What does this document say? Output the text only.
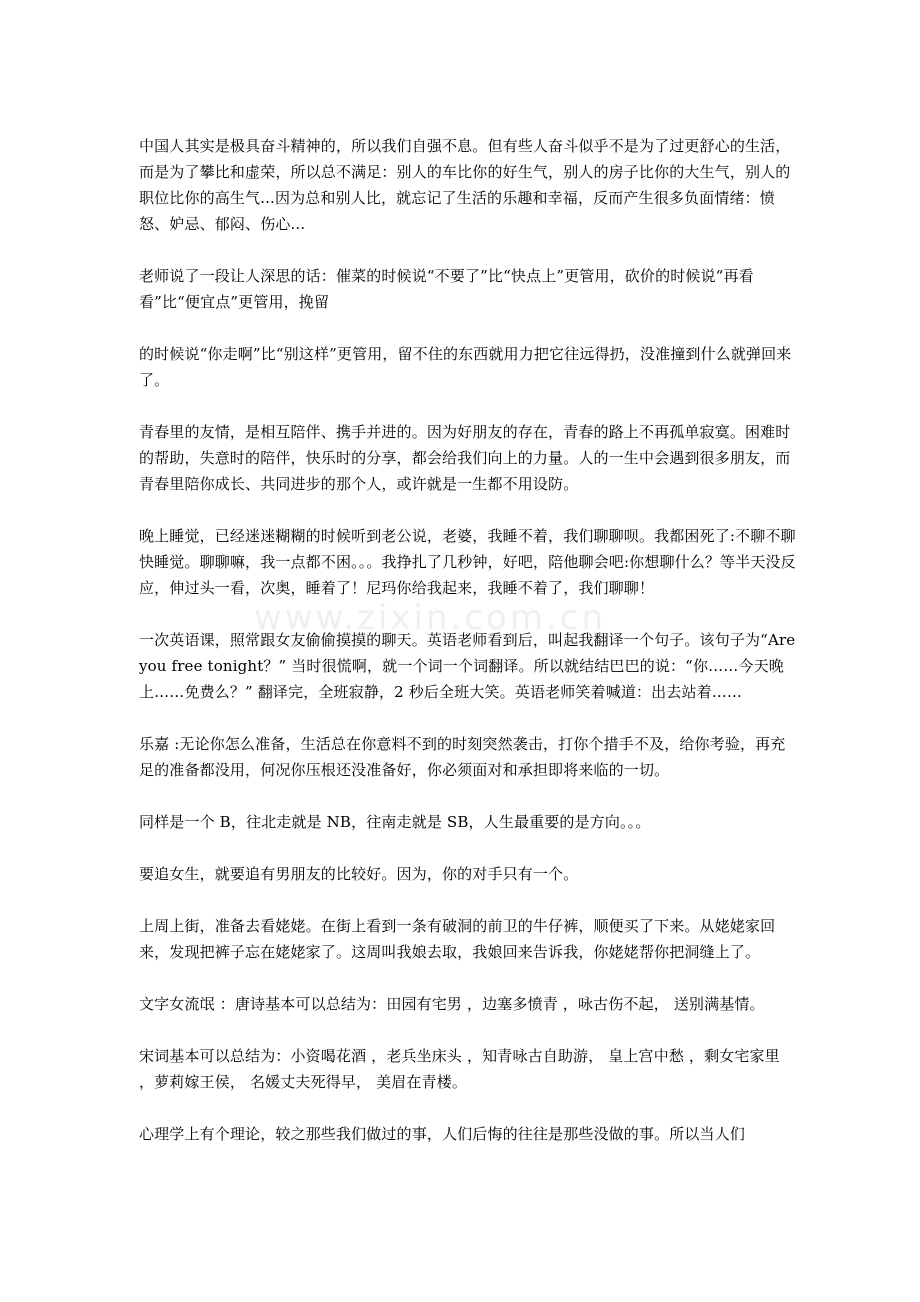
www.zixin.com.cn

中国人其实是极具奋斗精神的，所以我们自强不息。但有些人奋斗似乎不是为了过更舒心的生活，而是为了攀比和虚荣，所以总不满足：别人的车比你的好生气，别人的房子比你的大生气，别人的职位比你的高生气...因为总和别人比，就忘记了生活的乐趣和幸福，反而产生很多负面情绪：愤怒、妒忌、郁闷、伤心...

老师说了一段让人深思的话：催菜的时候说“不要了”比“快点上”更管用，砍价的时候说“再看看”比“便宜点”更管用，挽留

的时候说“你走啊”比“别这样”更管用，留不住的东西就用力把它往远得扔，没准撞到什么就弹回来了。

青春里的友情，是相互陪伴、携手并进的。因为好朋友的存在，青春的路上不再孤单寂寞。困难时的帮助，失意时的陪伴，快乐时的分享，都会给我们向上的力量。人的一生中会遇到很多朋友，而青春里陪你成长、共同进步的那个人，或许就是一生都不用设防。

晚上睡觉，已经迷迷糊糊的时候听到老公说，老婆，我睡不着，我们聊聊呗。我都困死了:不聊不聊快睡觉。聊聊嘛，我一点都不困。。。我挣扎了几秒钟，好吧，陪他聊会吧:你想聊什么？等半天没反应，伸过头一看，次奥，睡着了！尼玛你给我起来，我睡不着了，我们聊聊！

一次英语课，照常跟女友偷偷摸摸的聊天。英语老师看到后，叫起我翻译一个句子。该句子为“Are you free tonight？” 当时很慌啊，就一个词一个词翻译。所以就结结巴巴的说：“你……今天晚上……免费么？” 翻译完，全班寂静，2 秒后全班大笑。英语老师笑着喊道：出去站着……

乐嘉 :无论你怎么准备，生活总在你意料不到的时刻突然袭击，打你个措手不及，给你考验，再充足的准备都没用，何况你压根还没准备好，你必须面对和承担即将来临的一切。

同样是一个 B，往北走就是 NB，往南走就是 SB，人生最重要的是方向。。。

要追女生，就要追有男朋友的比较好。因为，你的对手只有一个。

上周上街，准备去看姥姥。在街上看到一条有破洞的前卫的牛仔裤，顺便买了下来。从姥姥家回来，发现把裤子忘在姥姥家了。这周叫我娘去取，我娘回来告诉我，你姥姥帮你把洞缝上了。

文字女流氓 ：唐诗基本可以总结为：田园有宅男 ，边塞多愤青 ，咏古伤不起， 送别满基情。

宋词基本可以总结为：小资喝花酒 ，老兵坐床头 ，知青咏古自助游， 皇上宫中愁 ，剩女宅家里 ，萝莉嫁王侯， 名媛丈夫死得早， 美眉在青楼。

心理学上有个理论，较之那些我们做过的事，人们后悔的往往是那些没做的事。所以当人们
